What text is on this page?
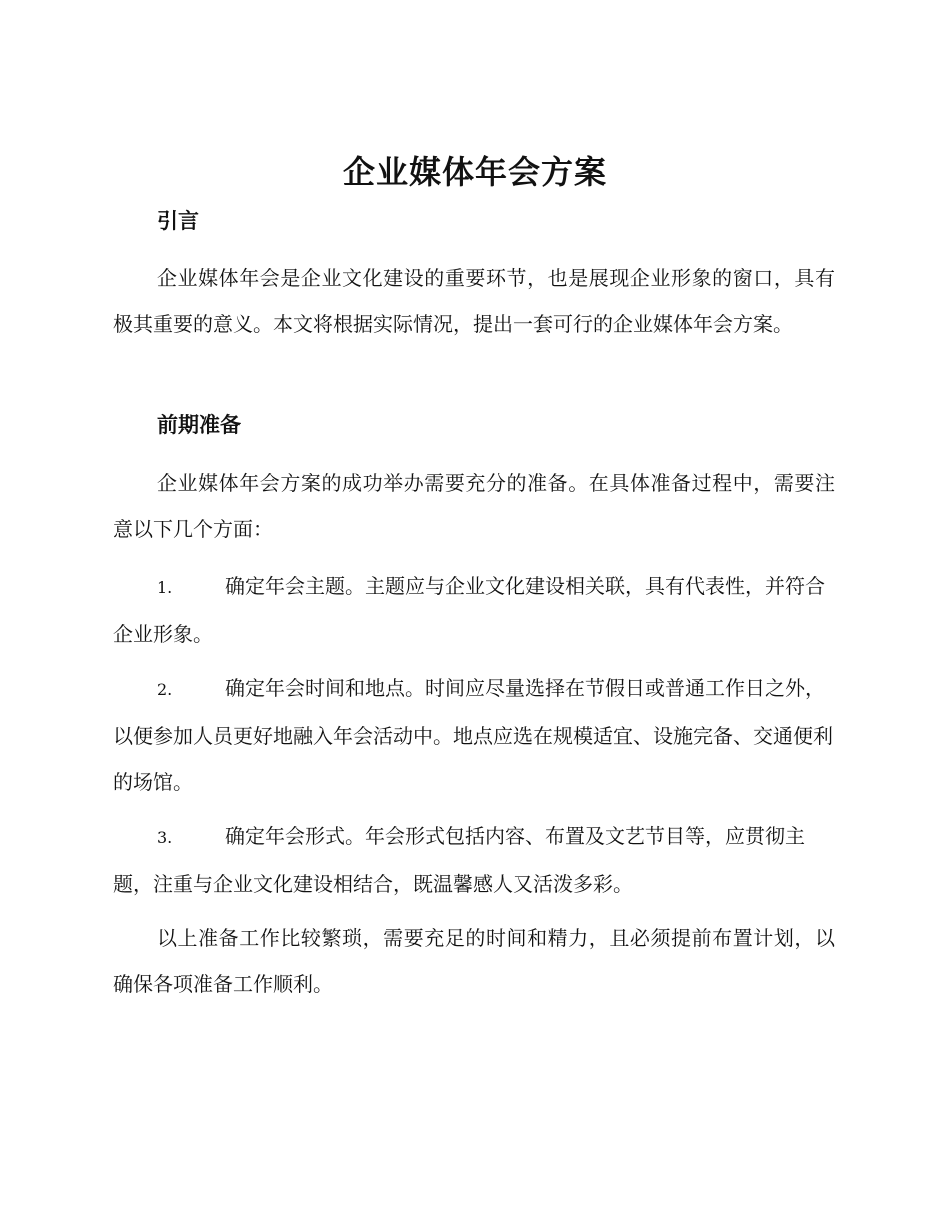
企业媒体年会方案
引言

企业媒体年会是企业文化建设的重要环节，也是展现企业形象的窗口，具有极其重要的意义。本文将根据实际情况，提出一套可行的企业媒体年会方案。

前期准备

企业媒体年会方案的成功举办需要充分的准备。在具体准备过程中，需要注意以下几个方面：

1.	确定年会主题。主题应与企业文化建设相关联，具有代表性，并符合企业形象。

2.	确定年会时间和地点。时间应尽量选择在节假日或普通工作日之外，以便参加人员更好地融入年会活动中。地点应选在规模适宜、设施完备、交通便利的场馆。

3.	确定年会形式。年会形式包括内容、布置及文艺节目等，应贯彻主题，注重与企业文化建设相结合，既温馨感人又活泼多彩。

以上准备工作比较繁琐，需要充足的时间和精力，且必须提前布置计划，以确保各项准备工作顺利。
